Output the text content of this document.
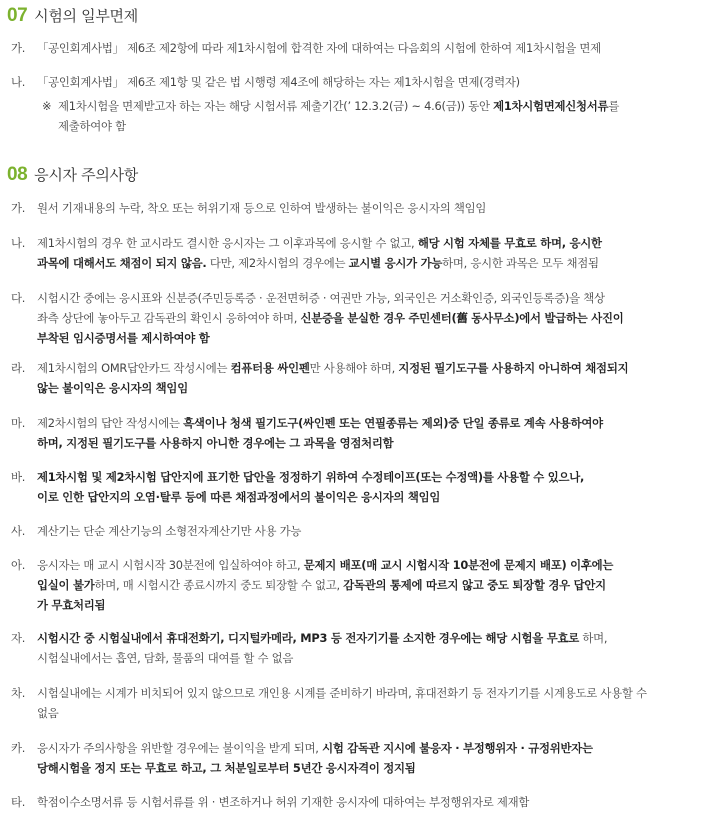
07 시험의 일부면제
가. 「공인회계사법」 제6조 제2항에 따라 제1차시험에 합격한 자에 대하여는 다음회의 시험에 한하여 제1차시험을 면제
나. 「공인회계사법」 제6조 제1항 및 같은 법 시행령 제4조에 해당하는 자는 제1차시험을 면제(경력자)
※ 제1차시험을 면제받고자 하는 자는 해당 시험서류 제출기간(’ 12.3.2(금) ~ 4.6(금)) 동안 제1차시험면제신청서류를
제출하여야 함
08 응시자 주의사항
가. 원서 기재내용의 누락, 착오 또는 허위기재 등으로 인하여 발생하는 불이익은 응시자의 책임임
나. 제1차시험의 경우 한 교시라도 결시한 응시자는 그 이후과목에 응시할 수 없고, 해당 시험 자체를 무효로 하며, 응시한
과목에 대해서도 채점이 되지 않음. 다만, 제2차시험의 경우에는 교시별 응시가 가능하며, 응시한 과목은 모두 채점됨
다. 시험시간 중에는 응시표와 신분증(주민등록증 · 운전면허증 · 여권만 가능, 외국인은 거소확인증, 외국인등록증)을 책상
좌측 상단에 놓아두고 감독관의 확인시 응하여야 하며, 신분증을 분실한 경우 주민센터(舊 동사무소)에서 발급하는 사진이
부착된 임시증명서를 제시하여야 함
라. 제1차시험의 OMR답안카드 작성시에는 컴퓨터용 싸인펜만 사용해야 하며, 지정된 필기도구를 사용하지 아니하여 채점되지
않는 불이익은 응시자의 책임임
마. 제2차시험의 답안 작성시에는 흑색이나 청색 필기도구(싸인펜 또는 연필종류는 제외)중 단일 종류로 계속 사용하여야
하며, 지정된 필기도구를 사용하지 아니한 경우에는 그 과목을 영점처리함
바. 제1차시험 및 제2차시험 답안지에 표기한 답안을 정정하기 위하여 수정테이프(또는 수정액)를 사용할 수 있으나,
이로 인한 답안지의 오염·탈루 등에 따른 채점과정에서의 불이익은 응시자의 책임임
사. 계산기는 단순 계산기능의 소형전자계산기만 사용 가능
아. 응시자는 매 교시 시험시작 30분전에 입실하여야 하고, 문제지 배포(매 교시 시험시작 10분전에 문제지 배포) 이후에는
입실이 불가하며, 매 시험시간 종료시까지 중도 퇴장할 수 없고, 감독관의 통제에 따르지 않고 중도 퇴장할 경우 답안지
가 무효처리됨
자. 시험시간 중 시험실내에서 휴대전화기, 디지털카메라, MP3 등 전자기기를 소지한 경우에는 해당 시험을 무효로 하며,
시험실내에서는 흡연, 담화, 물품의 대여를 할 수 없음
차. 시험실내에는 시계가 비치되어 있지 않으므로 개인용 시계를 준비하기 바라며, 휴대전화기 등 전자기기를 시계용도로 사용할 수
없음
카. 응시자가 주의사항을 위반할 경우에는 불이익을 받게 되며, 시험 감독관 지시에 불응자 · 부정행위자 · 규정위반자는
당해시험을 정지 또는 무효로 하고, 그 처분일로부터 5년간 응시자격이 정지됨
타. 학점이수소명서류 등 시험서류를 위 · 변조하거나 허위 기재한 응시자에 대하여는 부정행위자로 제재함
